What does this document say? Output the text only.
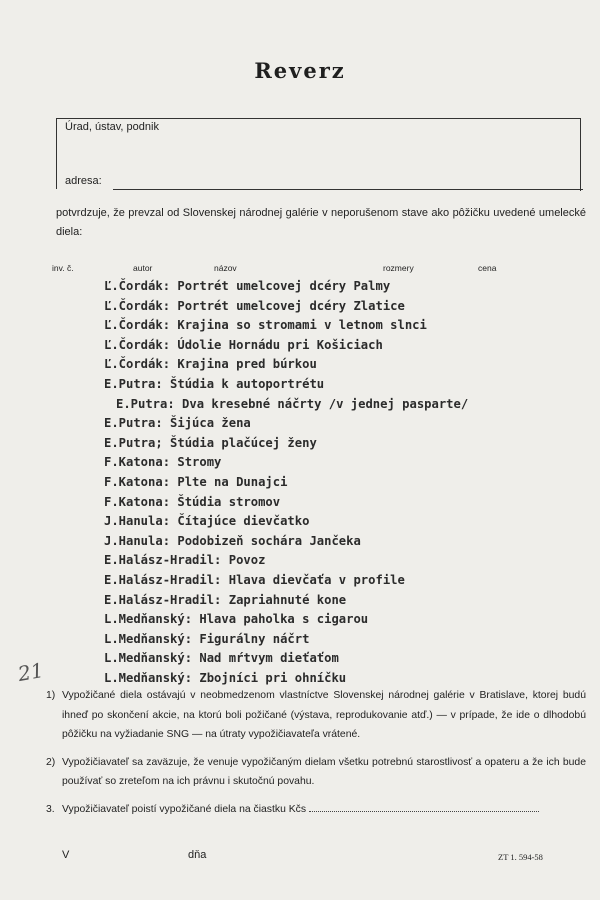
Reverz
Úrad, ústav, podnik
adresa:
potvrdzuje, že prevzal od Slovenskej národnej galérie v neporušenom stave ako pôžičku uvedené umelecké diela:
inv. č.	autor	názov	rozmery	cena
Ľ.Čordák: Portrét umelcovej dcéry Palmy
Ľ.Čordák: Portrét umelcovej dcéry Zlatice
Ľ.Čordák: Krajina so stromami v letnom slnci
Ľ.Čordák: Údolie Hornádu pri Košiciach
Ľ.Čordák: Krajina pred búrkou
E.Putra: Štúdia k autoportrétu
E.Putra: Dva kresebné náčrty /v jednej pasparte/
E.Putra: Šijúca žena
E.Putra; Štúdia plačúcej ženy
F.Katona: Stromy
F.Katona: Plte na Dunajci
F.Katona: Štúdia stromov
J.Hanula: Čítajúce dievčatko
J.Hanula: Podobizeň sochára Jančeka
E.Halász-Hradil: Povoz
E.Halász-Hradil: Hlava dievčaťa v profile
E.Halász-Hradil: Zapriahnuté kone
L.Medňanský: Hlava paholka s cigarou
L.Medňanský: Figurálny náčrt
L.Medňanský: Nad mŕtvym dieťaťom
L.Medňanský: Zbojníci pri ohníčku
21
1) Vypožičané diela ostávajú v neobmedzenom vlastníctve Slovenskej národnej galérie v Bratislave, ktorej budú ihneď po skončení akcie, na ktorú boli požičané (výstava, reprodukovanie atď.) — v prípade, že ide o dlhodobú pôžičku na vyžiadanie SNG — na útraty vypožičiavateľa vrátené.
2) Vypožičiavateľ sa zaväzuje, že venuje vypožičaným dielam všetku potrebnú starostlivosť a opateru a že ich bude používať so zreteľom na ich právnu i skutočnú povahu.
3. Vypožičiavateľ poistí vypožičané diela na čiastku Kčs
V	dňa	ZT 1. 594-58
